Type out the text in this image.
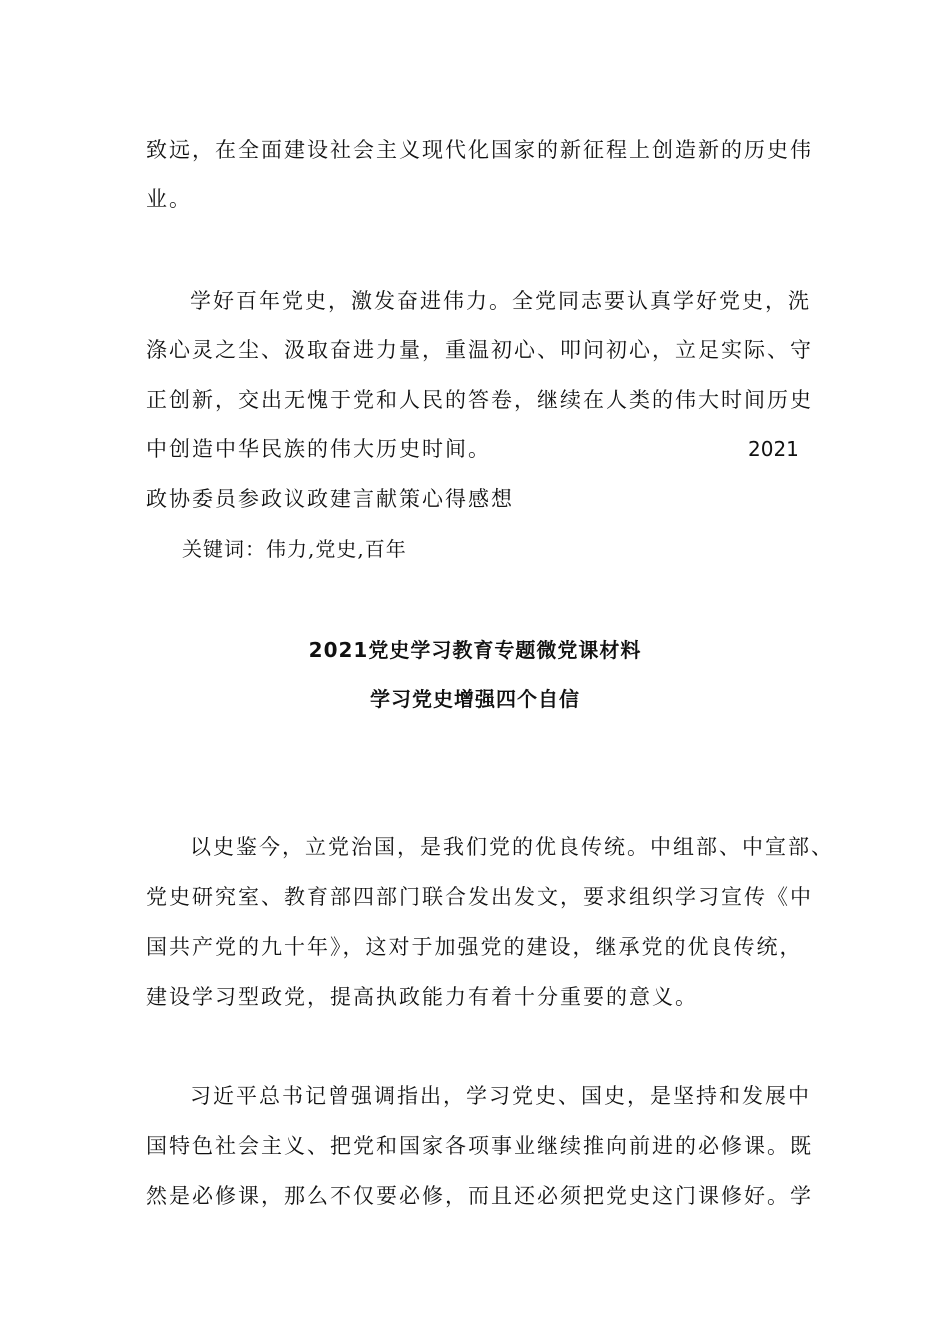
致远，在全面建设社会主义现代化国家的新征程上创造新的历史伟
业。
学好百年党史，激发奋进伟力。全党同志要认真学好党史，洗
涤心灵之尘、汲取奋进力量，重温初心、叩问初心，立足实际、守
正创新，交出无愧于党和人民的答卷，继续在人类的伟大时间历史
中创造中华民族的伟大历史时间。	2021
政协委员参政议政建言献策心得感想
关键词：伟力,党史,百年
2021党史学习教育专题微党课材料
学习党史增强四个自信
以史鉴今，立党治国，是我们党的优良传统。中组部、中宣部、
党史研究室、教育部四部门联合发出发文，要求组织学习宣传《中
国共产党的九十年》，这对于加强党的建设，继承党的优良传统，
建设学习型政党，提高执政能力有着十分重要的意义。
习近平总书记曾强调指出，学习党史、国史，是坚持和发展中
国特色社会主义、把党和国家各项事业继续推向前进的必修课。既
然是必修课，那么不仅要必修，而且还必须把党史这门课修好。学
